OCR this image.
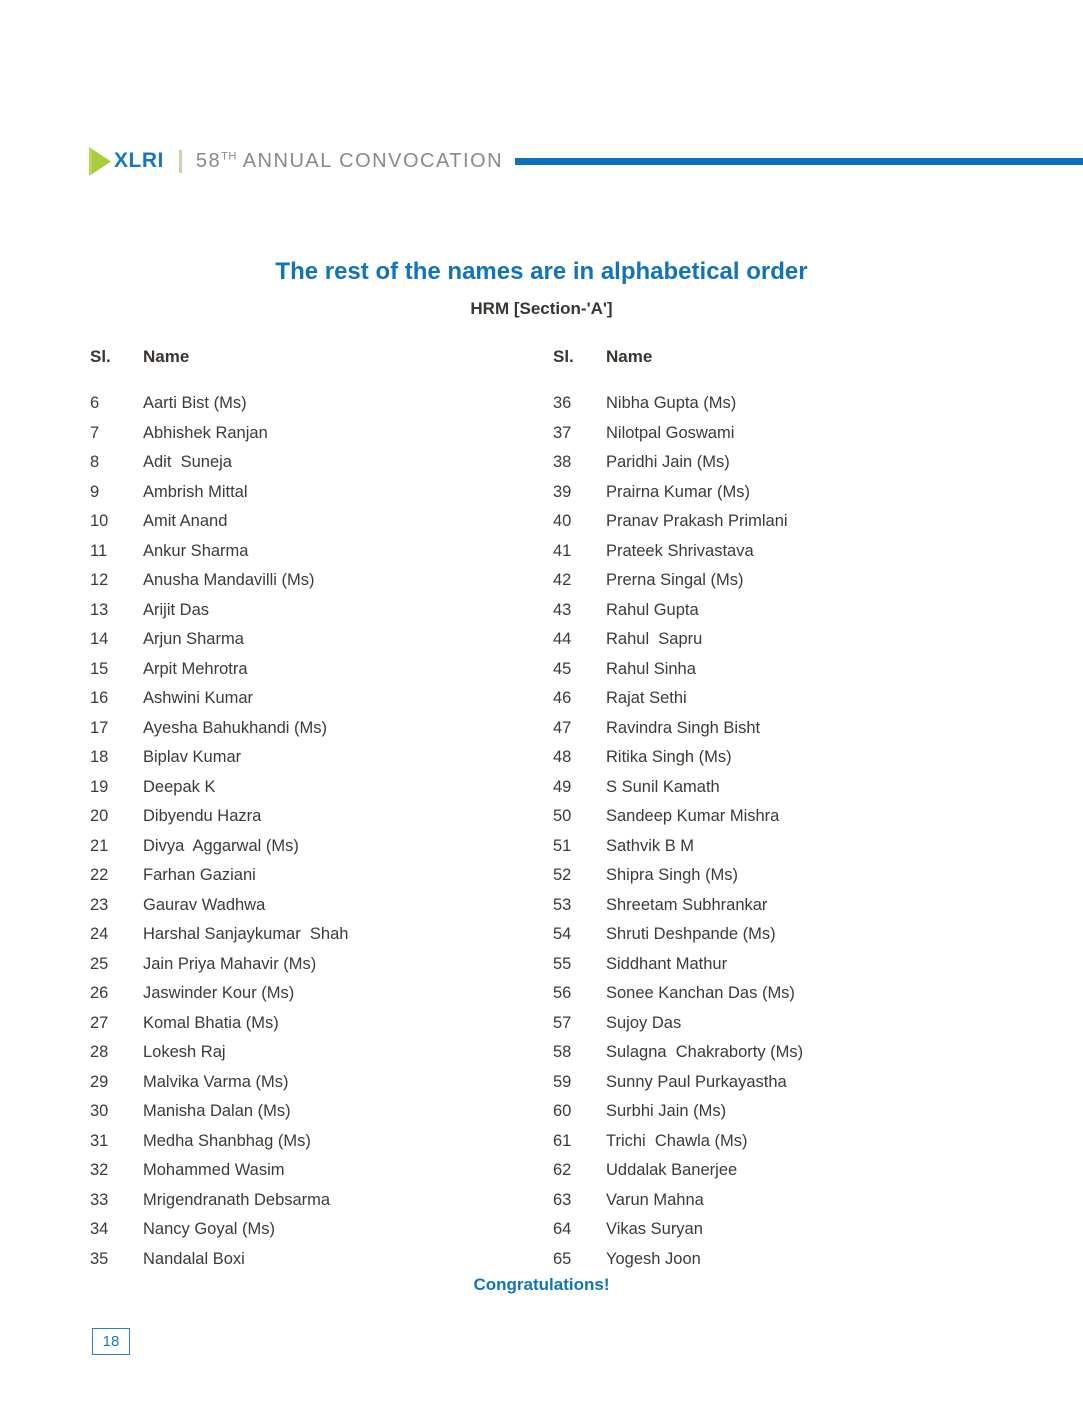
XLRI 58TH ANNUAL CONVOCATION
The rest of the names are in alphabetical order
HRM [Section-'A']
Sl.	Name
6	Aarti Bist (Ms)
7	Abhishek Ranjan
8	Adit  Suneja
9	Ambrish Mittal
10	Amit Anand
11	Ankur Sharma
12	Anusha Mandavilli (Ms)
13	Arijit Das
14	Arjun Sharma
15	Arpit Mehrotra
16	Ashwini Kumar
17	Ayesha Bahukhandi (Ms)
18	Biplav Kumar
19	Deepak K
20	Dibyendu Hazra
21	Divya  Aggarwal (Ms)
22	Farhan Gaziani
23	Gaurav Wadhwa
24	Harshal Sanjaykumar  Shah
25	Jain Priya Mahavir (Ms)
26	Jaswinder Kour (Ms)
27	Komal Bhatia (Ms)
28	Lokesh Raj
29	Malvika Varma (Ms)
30	Manisha Dalan (Ms)
31	Medha Shanbhag (Ms)
32	Mohammed Wasim
33	Mrigendranath Debsarma
34	Nancy Goyal (Ms)
35	Nandalal Boxi
Sl.	Name
36	Nibha Gupta (Ms)
37	Nilotpal Goswami
38	Paridhi Jain (Ms)
39	Prairna Kumar (Ms)
40	Pranav Prakash Primlani
41	Prateek Shrivastava
42	Prerna Singal (Ms)
43	Rahul Gupta
44	Rahul  Sapru
45	Rahul Sinha
46	Rajat Sethi
47	Ravindra Singh Bisht
48	Ritika Singh (Ms)
49	S Sunil Kamath
50	Sandeep Kumar Mishra
51	Sathvik B M
52	Shipra Singh (Ms)
53	Shreetam Subhrankar
54	Shruti Deshpande (Ms)
55	Siddhant Mathur
56	Sonee Kanchan Das (Ms)
57	Sujoy Das
58	Sulagna  Chakraborty (Ms)
59	Sunny Paul Purkayastha
60	Surbhi Jain (Ms)
61	Trichi  Chawla (Ms)
62	Uddalak Banerjee
63	Varun Mahna
64	Vikas Suryan
65	Yogesh Joon
Congratulations!
18
